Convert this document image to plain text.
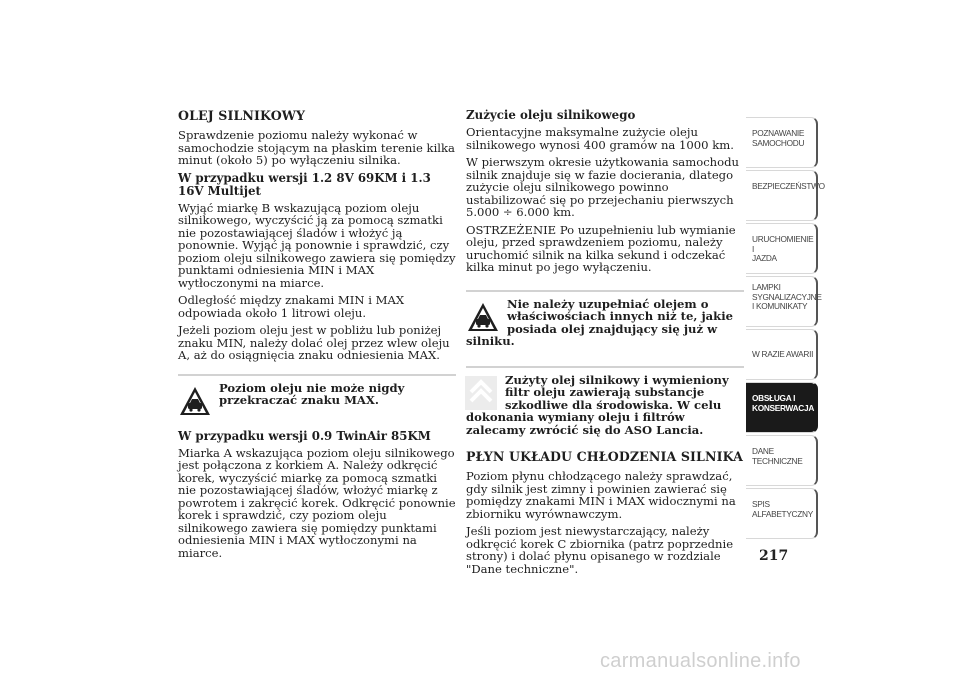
OLEJ SILNIKOWY

Sprawdzenie poziomu należy wykonać w samochodzie stojącym na płaskim terenie kilka minut (około 5) po wyłączeniu silnika.

W przypadku wersji 1.2 8V 69KM i 1.3 16V Multijet

Wyjąć miarkę B wskazującą poziom oleju silnikowego, wyczyścić ją za pomocą szmatki nie pozostawiającej śladów i włożyć ją ponownie. Wyjąć ją ponownie i sprawdzić, czy poziom oleju silnikowego zawiera się pomiędzy punktami odniesienia MIN i MAX wytłoczonymi na miarce.

Odległość między znakami MIN i MAX odpowiada około 1 litrowi oleju.

Jeżeli poziom oleju jest w pobliżu lub poniżej znaku MIN, należy dolać olej przez wlew oleju A, aż do osiągnięcia znaku odniesienia MAX.

Poziom oleju nie może nigdy przekraczać znaku MAX.

W przypadku wersji 0.9 TwinAir 85KM

Miarka A wskazująca poziom oleju silnikowego jest połączona z korkiem A. Należy odkręcić korek, wyczyścić miarkę za pomocą szmatki nie pozostawiającej śladów, włożyć miarkę z powrotem i zakręcić korek. Odkręcić ponownie korek i sprawdzić, czy poziom oleju silnikowego zawiera się pomiędzy punktami odniesienia MIN i MAX wytłoczonymi na miarce.

Zużycie oleju silnikowego

Orientacyjne maksymalne zużycie oleju silnikowego wynosi 400 gramów na 1000 km.

W pierwszym okresie użytkowania samochodu silnik znajduje się w fazie docierania, dlatego zużycie oleju silnikowego powinno ustabilizować się po przejechaniu pierwszych 5.000 ÷ 6.000 km.

OSTRZEŻENIE Po uzupełnieniu lub wymianie oleju, przed sprawdzeniem poziomu, należy uruchomić silnik na kilka sekund i odczekać kilka minut po jego wyłączeniu.

Nie należy uzupełniać olejem o właściwościach innych niż te, jakie posiada olej znajdujący się już w silniku.

Zużyty olej silnikowy i wymieniony filtr oleju zawierają substancje szkodliwe dla środowiska. W celu dokonania wymiany oleju i filtrów zalecamy zwrócić się do ASO Lancia.

PŁYN UKŁADU CHŁODZENIA SILNIKA

Poziom płynu chłodzącego należy sprawdzać, gdy silnik jest zimny i powinien zawierać się pomiędzy znakami MIN i MAX widocznymi na zbiorniku wyrównawczym.

Jeśli poziom jest niewystarczający, należy odkręcić korek C zbiornika (patrz poprzednie strony) i dolać płynu opisanego w rozdziale "Dane techniczne".

POZNAWANIE
SAMOCHODU
BEZPIECZEŃSTWO
URUCHOMIENIE I
JAZDA
LAMPKI
SYGNALIZACYJNE
I KOMUNIKATY
W RAZIE AWARII
OBSŁUGA I
KONSERWACJA
DANE
TECHNICZNE
SPIS
ALFABETYCZNY
217
carmanualsonline.info
